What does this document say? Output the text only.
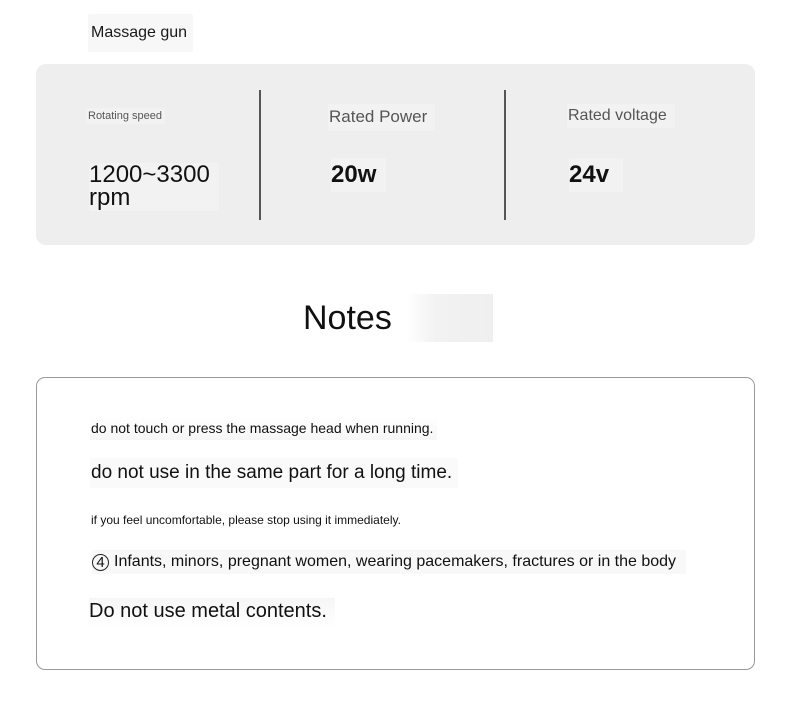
Massage gun
Rotating speed
1200~3300 rpm
Rated Power
20w
Rated voltage
24v
Notes
do not touch or press the massage head when running.
do not use in the same part for a long time.
if you feel uncomfortable, please stop using it immediately.
4 Infants, minors, pregnant women, wearing pacemakers, fractures or in the body
Do not use metal contents.
